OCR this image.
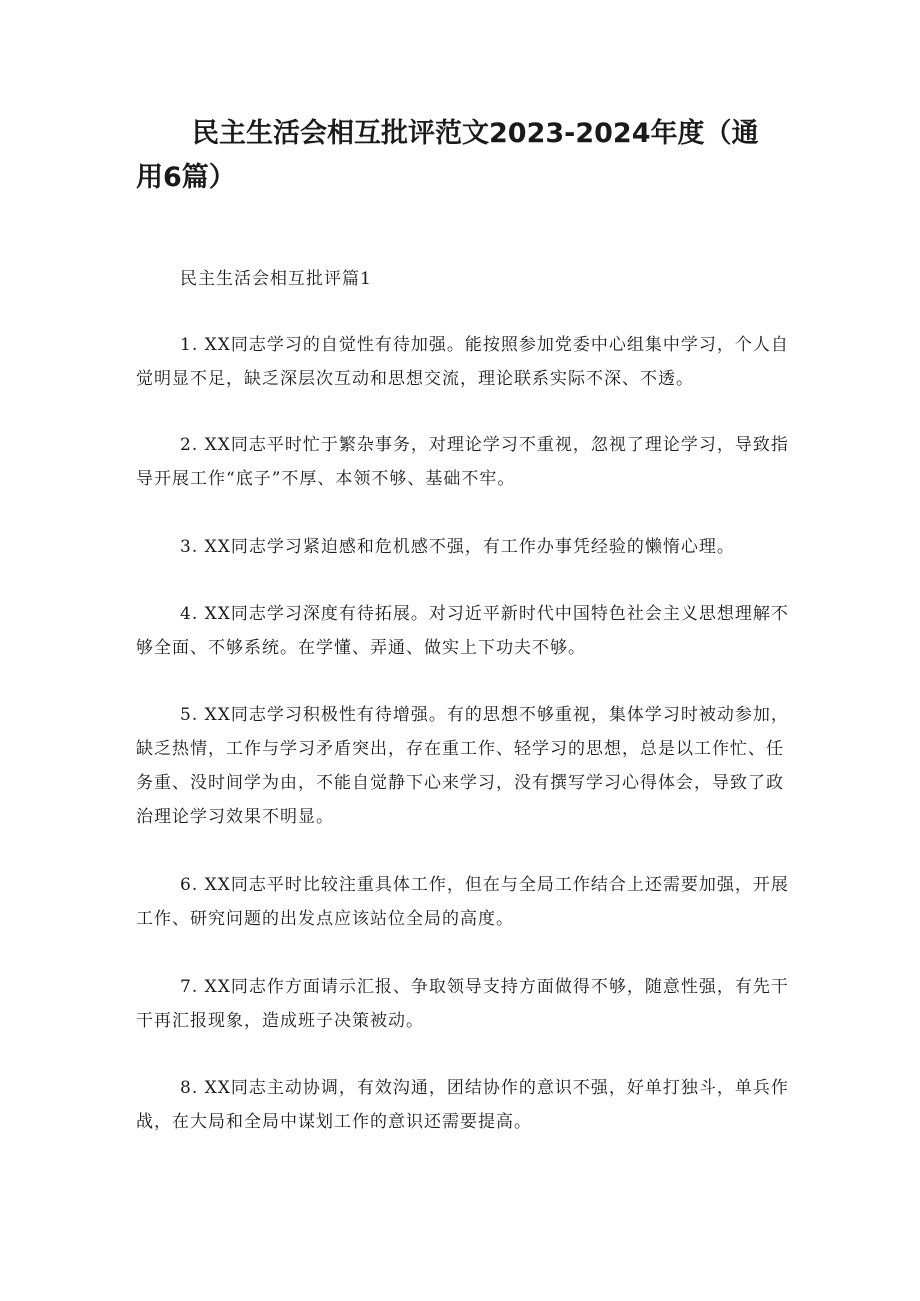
民主生活会相互批评范文2023-2024年度（通用6篇）
民主生活会相互批评篇1

1. XX同志学习的自觉性有待加强。能按照参加党委中心组集中学习，个人自觉明显不足，缺乏深层次互动和思想交流，理论联系实际不深、不透。

2. XX同志平时忙于繁杂事务，对理论学习不重视，忽视了理论学习，导致指导开展工作“底子”不厚、本领不够、基础不牢。

3. XX同志学习紧迫感和危机感不强，有工作办事凭经验的懒惰心理。

4. XX同志学习深度有待拓展。对习近平新时代中国特色社会主义思想理解不够全面、不够系统。在学懂、弄通、做实上下功夫不够。

5. XX同志学习积极性有待增强。有的思想不够重视，集体学习时被动参加，缺乏热情，工作与学习矛盾突出，存在重工作、轻学习的思想，总是以工作忙、任务重、没时间学为由，不能自觉静下心来学习，没有撰写学习心得体会，导致了政治理论学习效果不明显。

6. XX同志平时比较注重具体工作，但在与全局工作结合上还需要加强，开展工作、研究问题的出发点应该站位全局的高度。

7. XX同志作方面请示汇报、争取领导支持方面做得不够，随意性强，有先干干再汇报现象，造成班子决策被动。

8. XX同志主动协调，有效沟通，团结协作的意识不强，好单打独斗，单兵作战，在大局和全局中谋划工作的意识还需要提高。
